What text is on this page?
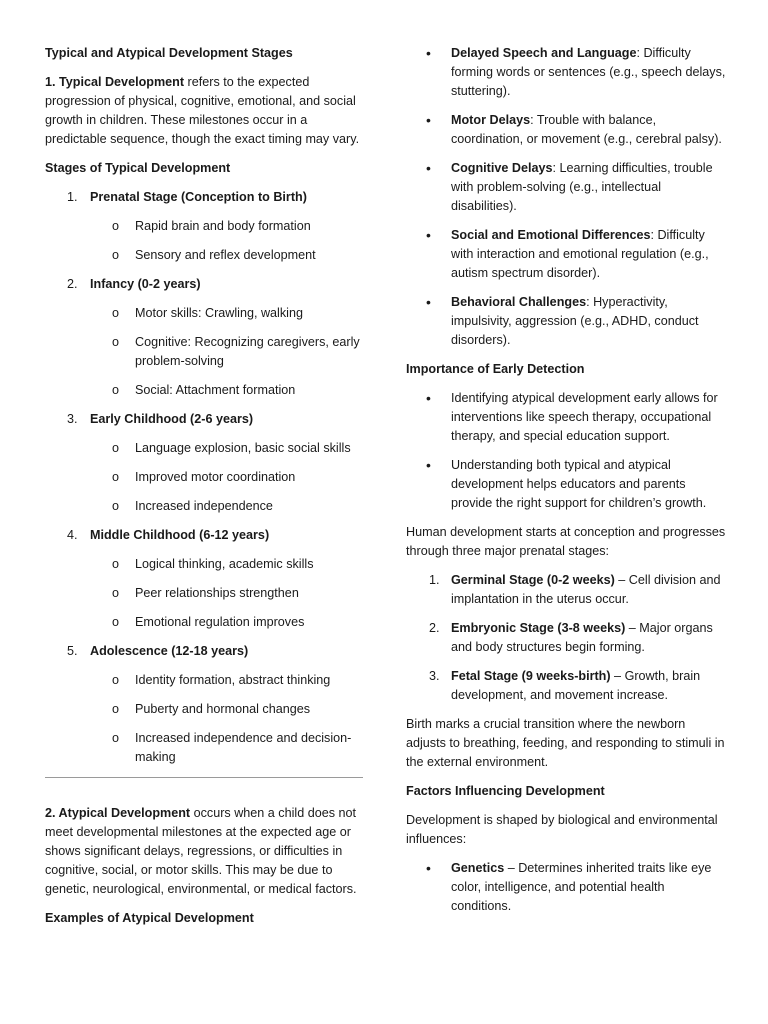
Typical and Atypical Development Stages

1. Typical Development refers to the expected progression of physical, cognitive, emotional, and social growth in children. These milestones occur in a predictable sequence, though the exact timing may vary.

Stages of Typical Development

1. Prenatal Stage (Conception to Birth)
o Rapid brain and body formation
o Sensory and reflex development
2. Infancy (0-2 years)
o Motor skills: Crawling, walking
o Cognitive: Recognizing caregivers, early problem-solving
o Social: Attachment formation
3. Early Childhood (2-6 years)
o Language explosion, basic social skills
o Improved motor coordination
o Increased independence
4. Middle Childhood (6-12 years)
o Logical thinking, academic skills
o Peer relationships strengthen
o Emotional regulation improves
5. Adolescence (12-18 years)
o Identity formation, abstract thinking
o Puberty and hormonal changes
o Increased independence and decision-making

2. Atypical Development occurs when a child does not meet developmental milestones at the expected age or shows significant delays, regressions, or difficulties in cognitive, social, or motor skills. This may be due to genetic, neurological, environmental, or medical factors.

Examples of Atypical Development

• Delayed Speech and Language: Difficulty forming words or sentences (e.g., speech delays, stuttering).
• Motor Delays: Trouble with balance, coordination, or movement (e.g., cerebral palsy).
• Cognitive Delays: Learning difficulties, trouble with problem-solving (e.g., intellectual disabilities).
• Social and Emotional Differences: Difficulty with interaction and emotional regulation (e.g., autism spectrum disorder).
• Behavioral Challenges: Hyperactivity, impulsivity, aggression (e.g., ADHD, conduct disorders).

Importance of Early Detection

• Identifying atypical development early allows for interventions like speech therapy, occupational therapy, and special education support.
• Understanding both typical and atypical development helps educators and parents provide the right support for children’s growth.

Human development starts at conception and progresses through three major prenatal stages:

1. Germinal Stage (0-2 weeks) – Cell division and implantation in the uterus occur.
2. Embryonic Stage (3-8 weeks) – Major organs and body structures begin forming.
3. Fetal Stage (9 weeks-birth) – Growth, brain development, and movement increase.

Birth marks a crucial transition where the newborn adjusts to breathing, feeding, and responding to stimuli in the external environment.

Factors Influencing Development

Development is shaped by biological and environmental influences:

• Genetics – Determines inherited traits like eye color, intelligence, and potential health conditions.
